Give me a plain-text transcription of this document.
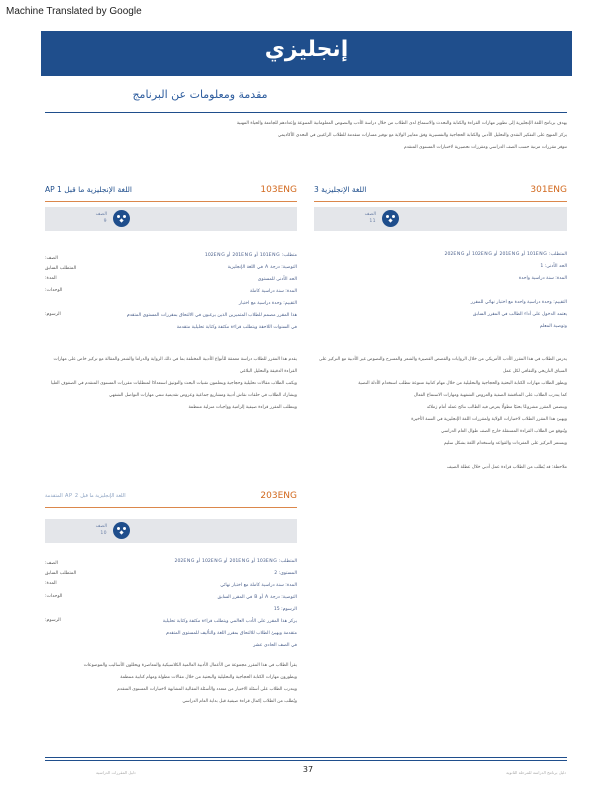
Machine Translated by Google
إنجليزي
مقدمة ومعلومات عن البرنامج
يهدف برنامج اللغة الإنجليزية إلى تطوير مهارات القراءة والكتابة والتحدث والاستماع لدى الطلاب من خلال دراسة الأدب والنصوص المعلوماتية المتنوعة وإعدادهم للجامعة والحياة المهنية
يركز المنهج على التفكير النقدي والتحليل الأدبي والكتابة الحجاجية والتفسيرية وفق معايير الولاية مع توفير مسارات متقدمة للطلاب الراغبين في التحدي الأكاديمي
تتوفر مقررات مرتبة حسب الصف الدراسي ومقررات تحضيرية لاختبارات المستوى المتقدم
301ENG
اللغة الإنجليزية 3
الصف
11
المتطلب: 101ENG أو 201ENG أو 102ENG أو 202ENG
الحد الأدنى: 1
المدة: سنة دراسية واحدة
التقييم: وحدة دراسية واحدة مع اختبار نهائي للمقرر
يعتمد الدخول على أداء الطالب في المقرر السابق
وتوصية المعلم
103ENG
اللغة الإنجليزية ما قبل AP 1
الصف
9
الصف:
المتطلب السابق
المدة:
الوحدات:
الرسوم:
متطلب: 101ENG أو 201ENG أو 102ENG
التوصية: درجة A في اللغة الإنجليزية
الحد الأدنى للمستوى
المدة: سنة دراسية كاملة
التقييم: وحدة دراسية مع اختبار
هذا المقرر مصمم للطلاب المتميزين الذين يرغبون في الالتحاق بمقررات المستوى المتقدم
في السنوات اللاحقة ويتطلب قراءة مكثفة وكتابة تحليلية متقدمة
يقدم هذا المقرر للطلاب دراسة معمقة للأنواع الأدبية المختلفة بما في ذلك الرواية والدراما والشعر والمقالة مع تركيز خاص على مهارات القراءة الدقيقة والتحليل البلاغي
ويكتب الطلاب مقالات تحليلية وحجاجية ويتعلمون تقنيات البحث والتوثيق استعدادًا لمتطلبات مقررات المستوى المتقدم في الصفوف العليا
ويشارك الطلاب في حلقات نقاش أدبية ومشاريع جماعية وعروض تقديمية تنمي مهارات التواصل الشفهي
ويتطلب المقرر قراءة صيفية إلزامية وواجبات منزلية منتظمة
يدرس الطلاب في هذا المقرر الأدب الأمريكي من خلال الروايات والقصص القصيرة والشعر والمسرح والنصوص غير الأدبية مع التركيز على السياق التاريخي والثقافي لكل عمل
ويطور الطلاب مهارات الكتابة البحثية والحجاجية والتحليلية من خلال مهام كتابية متنوعة تتطلب استخدام الأدلة النصية
كما يتدرب الطلاب على المناقشة الصفية والعروض الشفهية ومهارات الاستماع الفعال
ويتضمن المقرر مشروعًا بحثيًا مطولًا يعرض فيه الطالب نتائج عمله أمام زملائه
ويهيئ هذا المقرر الطلاب لاختبارات الولاية ولمقررات اللغة الإنجليزية في السنة الأخيرة
ويُتوقع من الطلاب القراءة المستقلة خارج الصف طوال العام الدراسي
ويستمر التركيز على المفردات والقواعد واستخدام اللغة بشكل سليم
ملاحظة: قد يُطلب من الطلاب قراءة عمل أدبي خلال عطلة الصيف
203ENG
اللغة الإنجليزية ما قبل AP 2 المتقدمة
الصف
10
الصف:
المتطلب السابق
المدة:
الوحدات:
الرسوم:
المتطلب: 103ENG أو 201ENG أو 102ENG أو 202ENG
المستوى: 2
المدة: سنة دراسية كاملة مع اختبار نهائي
التوصية: درجة A أو B في المقرر السابق
الرسوم: 15
يركز هذا المقرر على الأدب العالمي ويتطلب قراءة مكثفة وكتابة تحليلية
متقدمة ويهيئ الطلاب للالتحاق بمقرر اللغة والتأليف للمستوى المتقدم
في الصف الحادي عشر
يقرأ الطلاب في هذا المقرر مجموعة من الأعمال الأدبية العالمية الكلاسيكية والمعاصرة ويحللون الأساليب والموضوعات
ويطورون مهارات الكتابة الحجاجية والتحليلية والبحثية من خلال مقالات مطولة ومهام كتابية منتظمة
ويتدرب الطلاب على أسئلة الاختيار من متعدد والأسئلة المقالية المشابهة لاختبارات المستوى المتقدم
ويُطلب من الطلاب إكمال قراءة صيفية قبل بداية العام الدراسي
37
دليل المقررات الدراسية	دليل برنامج الدراسة للمرحلة الثانوية
